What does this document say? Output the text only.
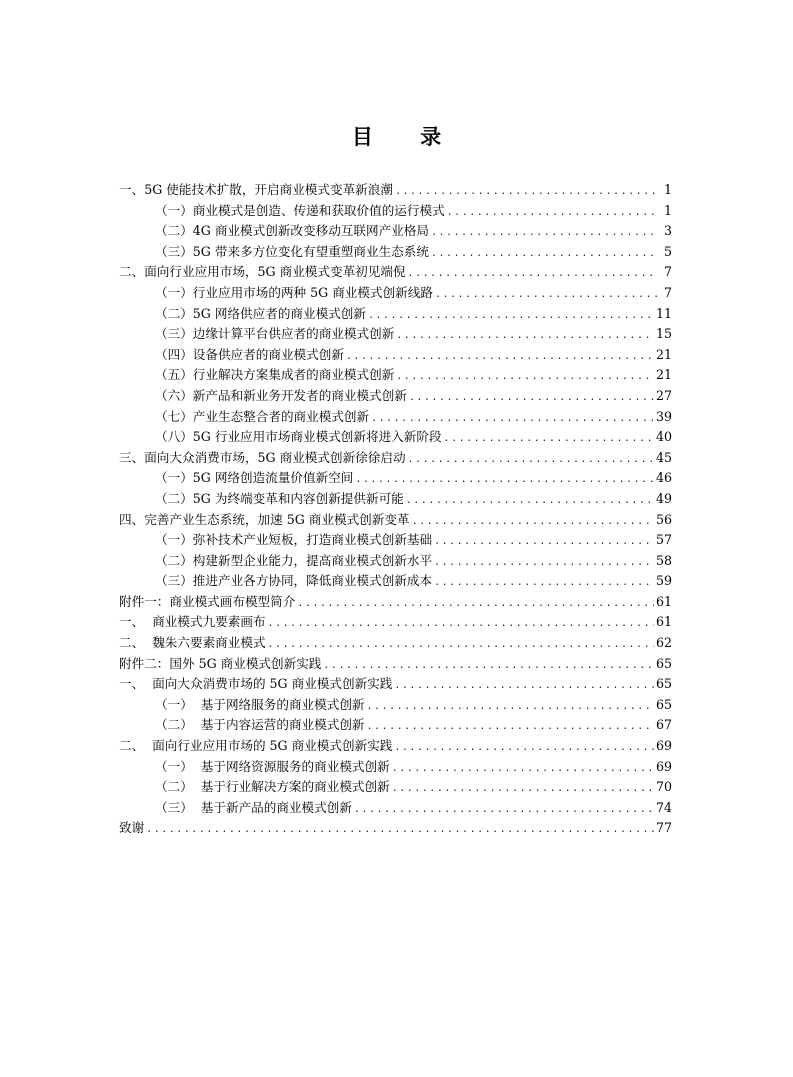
目 录
一、5G 使能技术扩散，开启商业模式变革新浪潮 .....	1
（一）商业模式是创造、传递和获取价值的运行模式 .....	1
（二）4G 商业模式创新改变移动互联网产业格局 .....	3
（三）5G 带来多方位变化有望重塑商业生态系统 .....	5
二、面向行业应用市场，5G 商业模式变革初见端倪 .....	7
（一）行业应用市场的两种 5G 商业模式创新线路 .....	7
（二）5G 网络供应者的商业模式创新 .....	11
（三）边缘计算平台供应者的商业模式创新 .....	15
（四）设备供应者的商业模式创新 .....	21
（五）行业解决方案集成者的商业模式创新 .....	21
（六）新产品和新业务开发者的商业模式创新 .....	27
（七）产业生态整合者的商业模式创新 .....	39
（八）5G 行业应用市场商业模式创新将进入新阶段 .....	40
三、面向大众消费市场，5G 商业模式创新徐徐启动 .....	45
（一）5G 网络创造流量价值新空间 .....	46
（二）5G 为终端变革和内容创新提供新可能 .....	49
四、完善产业生态系统，加速 5G 商业模式创新变革 .....	56
（一）弥补技术产业短板，打造商业模式创新基础 .....	57
（二）构建新型企业能力，提高商业模式创新水平 .....	58
（三）推进产业各方协同，降低商业模式创新成本 .....	59
附件一：商业模式画布模型简介 .....	61
一、  商业模式九要素画布 .....	61
二、  魏朱六要素商业模式 .....	62
附件二：国外 5G 商业模式创新实践 .....	65
一、  面向大众消费市场的 5G 商业模式创新实践 .....	65
（一）  基于网络服务的商业模式创新 .....	65
（二）  基于内容运营的商业模式创新 .....	67
二、  面向行业应用市场的 5G 商业模式创新实践 .....	69
（一）  基于网络资源服务的商业模式创新 .....	69
（二）  基于行业解决方案的商业模式创新 .....	70
（三）  基于新产品的商业模式创新 .....	74
致谢 .....	77
